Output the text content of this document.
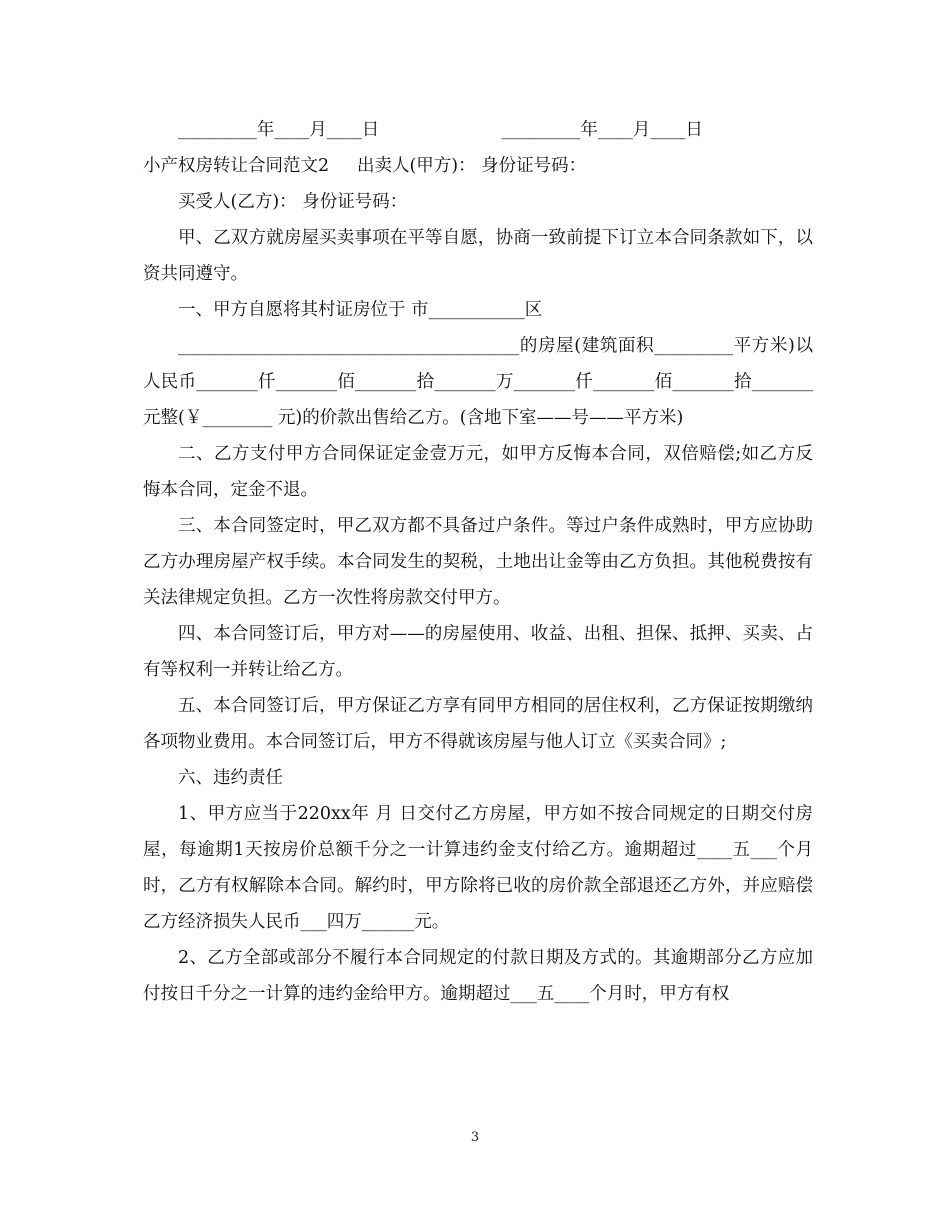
_________年____月____日                      _________年____月____日
小产权房转让合同范文2     出卖人(甲方)： 身份证号码：
买受人(乙方)： 身份证号码：

甲、乙双方就房屋买卖事项在平等自愿，协商一致前提下订立本合同条款如下，以资共同遵守。

一、甲方自愿将其村证房位于 市___________区

_______________________________________的房屋(建筑面积_________平方米)以人民币_______仟_______佰_______拾_______万_______仟_______佰_______拾_______元整(￥________ 元)的价款出售给乙方。(含地下室——号——平方米)

二、乙方支付甲方合同保证定金壹万元，如甲方反悔本合同，双倍赔偿;如乙方反悔本合同，定金不退。

三、本合同签定时，甲乙双方都不具备过户条件。等过户条件成熟时，甲方应协助乙方办理房屋产权手续。本合同发生的契税，土地出让金等由乙方负担。其他税费按有关法律规定负担。乙方一次性将房款交付甲方。

四、本合同签订后，甲方对——的房屋使用、收益、出租、担保、抵押、买卖、占有等权利一并转让给乙方。

五、本合同签订后，甲方保证乙方享有同甲方相同的居住权利，乙方保证按期缴纳各项物业费用。本合同签订后，甲方不得就该房屋与他人订立《买卖合同》;

六、违约责任

1、甲方应当于220xx年 月 日交付乙方房屋，甲方如不按合同规定的日期交付房屋，每逾期1天按房价总额千分之一计算违约金支付给乙方。逾期超过____五___个月时，乙方有权解除本合同。解约时，甲方除将已收的房价款全部退还乙方外，并应赔偿乙方经济损失人民币___四万______元。

2、乙方全部或部分不履行本合同规定的付款日期及方式的。其逾期部分乙方应加付按日千分之一计算的违约金给甲方。逾期超过___五____个月时，甲方有权

3
